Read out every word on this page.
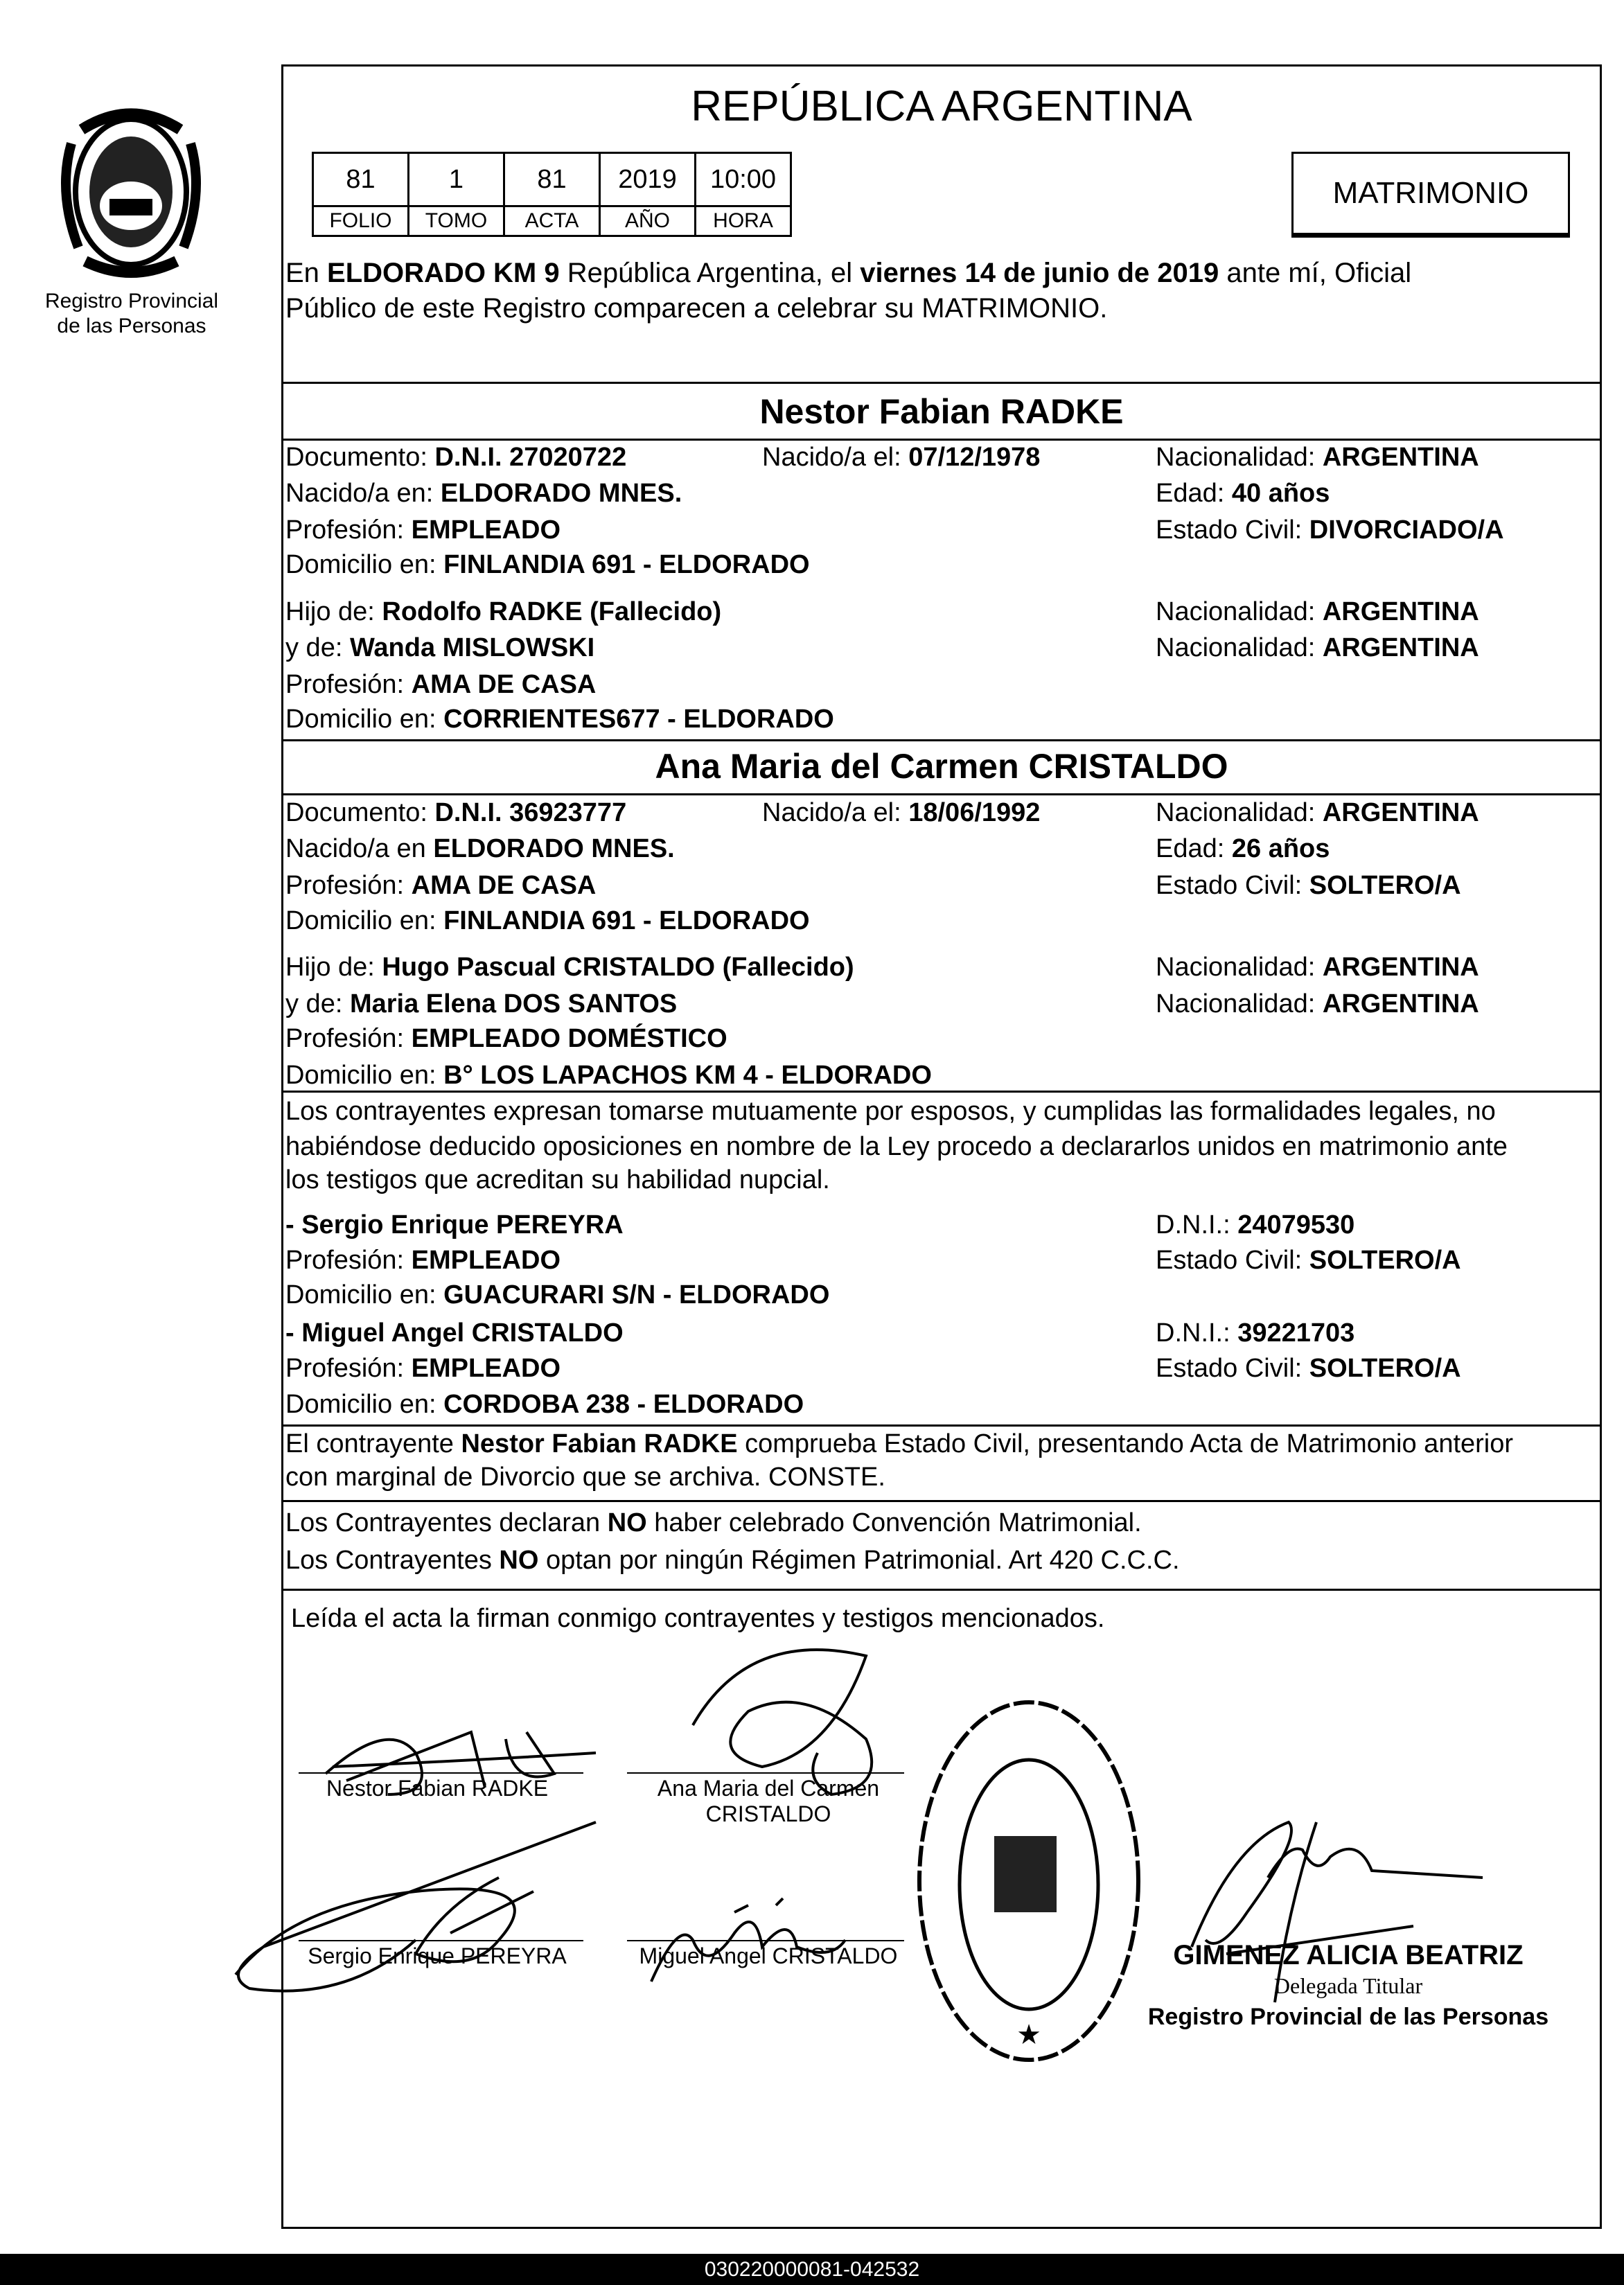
Registro Provincial
de las Personas
REPÚBLICA ARGENTINA
81	1	81	2019	10:00
FOLIO	TOMO	ACTA	AÑO	HORA
MATRIMONIO
En ELDORADO KM 9 República Argentina, el viernes 14 de junio de 2019 ante mí, Oficial
Público de este Registro comparecen a celebrar su MATRIMONIO.
Nestor Fabian RADKE
Documento: D.N.I. 27020722	Nacido/a el: 07/12/1978	Nacionalidad: ARGENTINA
Nacido/a en: ELDORADO MNES.	Edad: 40 años
Profesión: EMPLEADO	Estado Civil: DIVORCIADO/A
Domicilio en: FINLANDIA 691 - ELDORADO
Hijo de: Rodolfo RADKE (Fallecido)	Nacionalidad: ARGENTINA
y de: Wanda MISLOWSKI	Nacionalidad: ARGENTINA
Profesión: AMA DE CASA
Domicilio en: CORRIENTES677 - ELDORADO
Ana Maria del Carmen CRISTALDO
Documento: D.N.I. 36923777	Nacido/a el: 18/06/1992	Nacionalidad: ARGENTINA
Nacido/a en ELDORADO MNES.	Edad: 26 años
Profesión: AMA DE CASA	Estado Civil: SOLTERO/A
Domicilio en: FINLANDIA 691 - ELDORADO
Hijo de: Hugo Pascual CRISTALDO (Fallecido)	Nacionalidad: ARGENTINA
y de: Maria Elena DOS SANTOS	Nacionalidad: ARGENTINA
Profesión: EMPLEADO DOMÉSTICO
Domicilio en: B° LOS LAPACHOS KM 4 - ELDORADO
Los contrayentes expresan tomarse mutuamente por esposos, y cumplidas las formalidades legales, no
habiéndose deducido oposiciones en nombre de la Ley procedo a declararlos unidos en matrimonio ante
los testigos que acreditan su habilidad nupcial.
- Sergio Enrique PEREYRA	D.N.I.: 24079530
Profesión: EMPLEADO	Estado Civil: SOLTERO/A
Domicilio en: GUACURARI S/N - ELDORADO
- Miguel Angel CRISTALDO	D.N.I.: 39221703
Profesión: EMPLEADO	Estado Civil: SOLTERO/A
Domicilio en: CORDOBA 238 - ELDORADO
El contrayente Nestor Fabian RADKE comprueba Estado Civil, presentando Acta de Matrimonio anterior
con marginal de Divorcio que se archiva. CONSTE.
Los Contrayentes declaran NO haber celebrado Convención Matrimonial.
Los Contrayentes NO optan por ningún Régimen Patrimonial. Art 420 C.C.C.
Leída el acta la firman conmigo contrayentes y testigos mencionados.
Nestor Fabian RADKE	Ana Maria del Carmen
CRISTALDO
Sergio Enrique PEREYRA	Miguel Angel CRISTALDO
★
GIMENEZ ALICIA BEATRIZ
Delegada Titular
Registro Provincial de las Personas
030220000081-042532
